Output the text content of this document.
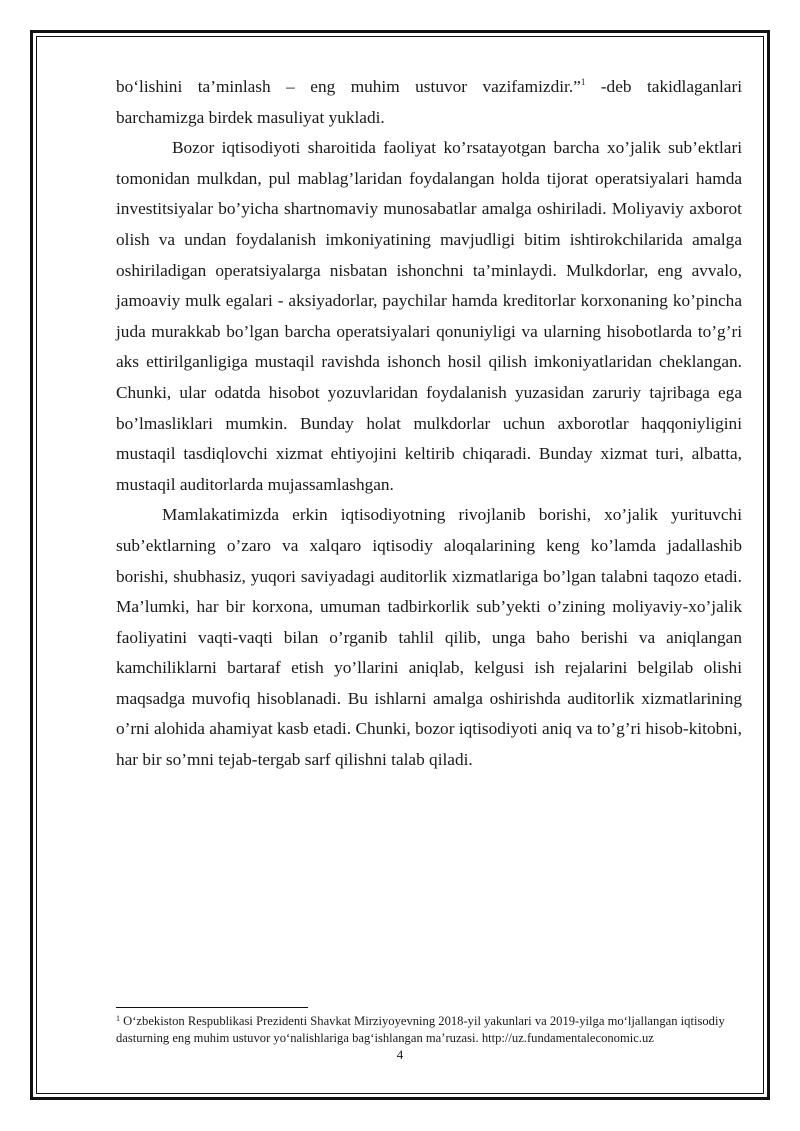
bo‘lishini ta’minlash – eng muhim ustuvor vazifamizdir.”$^1$ -deb takidlaganlari barchamizga birdek masuliyat yukladi.

Bozor iqtisodiyoti sharoitida faoliyat ko’rsatayotgan barcha xo’jalik sub’ektlari tomonidan mulkdan, pul mablag’laridan foydalangan holda tijorat operatsiyalari hamda investitsiyalar bo’yicha shartnomaviy munosabatlar amalga oshiriladi. Moliyaviy axborot olish va undan foydalanish imkoniyatining mavjudligi bitim ishtirokchilarida amalga oshiriladigan operatsiyalarga nisbatan ishonchni ta’minlaydi. Mulkdorlar, eng avvalo, jamoaviy mulk egalari - aksiyadorlar, paychilar hamda kreditorlar korxonaning ko’pincha juda murakkab bo’lgan barcha operatsiyalari qonuniyligi va ularning hisobotlarda to’g’ri aks ettirilganligiga mustaqil ravishda ishonch hosil qilish imkoniyatlaridan cheklangan. Chunki, ular odatda hisobot yozuvlaridan foydalanish yuzasidan zaruriy tajribaga ega bo’lmasliklari mumkin. Bunday holat mulkdorlar uchun axborotlar haqqoniyligini mustaqil tasdiqlovchi xizmat ehtiyojini keltirib chiqaradi. Bunday xizmat turi, albatta, mustaqil auditorlarda mujassamlashgan.

Mamlakatimizda erkin iqtisodiyotning rivojlanib borishi, xo’jalik yurituvchi sub’ektlarning o’zaro va xalqaro iqtisodiy aloqalarining keng ko’lamda jadallashib borishi, shubhasiz, yuqori saviyadagi auditorlik xizmatlariga bo’lgan talabni taqozo etadi. Ma’lumki, har bir korxona, umuman tadbirkorlik sub’yekti o’zining moliyaviy-xo’jalik faoliyatini vaqti-vaqti bilan o’rganib tahlil qilib, unga baho berishi va aniqlangan kamchiliklarni bartaraf etish yo’llarini aniqlab, kelgusi ish rejalarini belgilab olishi maqsadga muvofiq hisoblanadi. Bu ishlarni amalga oshirishda auditorlik xizmatlarining o’rni alohida ahamiyat kasb etadi. Chunki, bozor iqtisodiyoti aniq va to’g’ri hisob-kitobni, har bir so’mni tejab-tergab sarf qilishni talab qiladi.

$^1$ O‘zbekiston Respublikasi Prezidenti Shavkat Mirziyoyevning 2018-yil yakunlari va 2019-yilga mo‘ljallangan iqtisodiy dasturning eng muhim ustuvor yo‘nalishlariga bag‘ishlangan ma’ruzasi. http://uz.fundamentaleconomic.uz

4
